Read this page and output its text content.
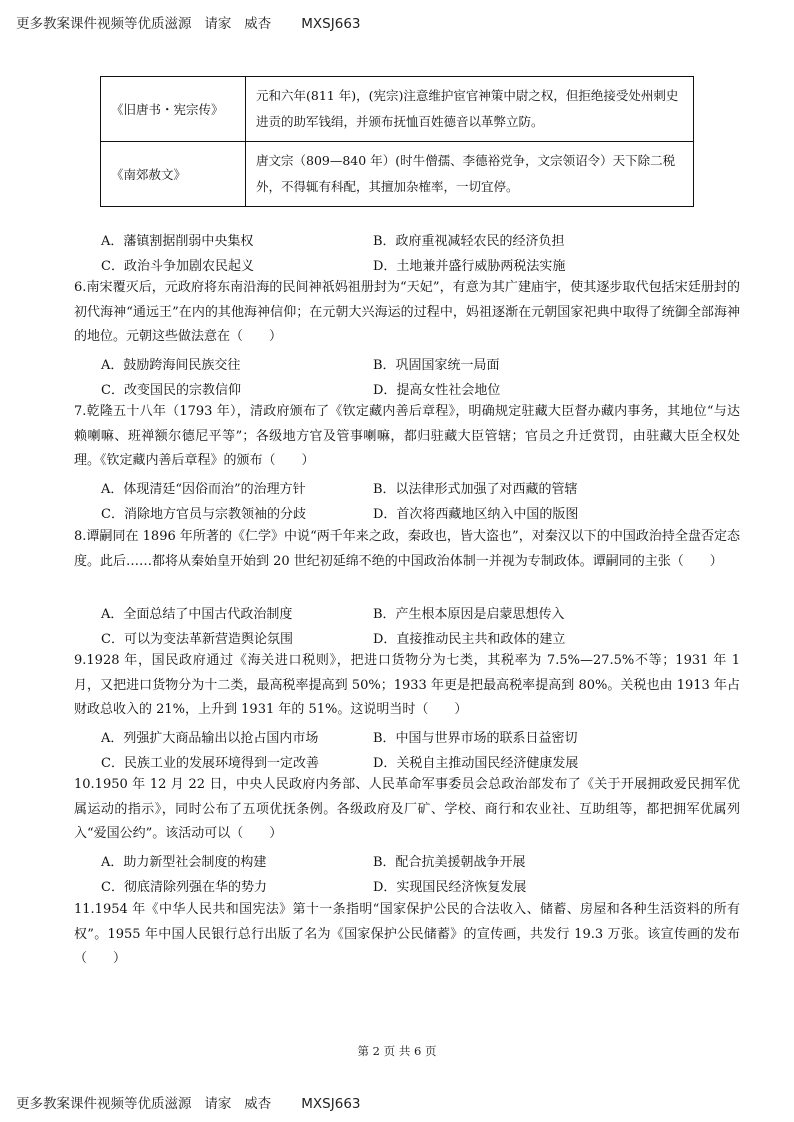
更多教案课件视频等优质滋源   请家   威杏       MXSJ663
《旧唐书・宪宗传》	元和六年(811 年)，(宪宗)注意维护宦官神策中尉之权，但拒绝接受处州刺史进贡的助军钱绢，并颁布抚恤百姓德音以革弊立防。
《南郊赦文》	唐文宗（809—840 年）(时牛僧孺、李德裕党争，文宗领诏令）天下除二税外，不得辄有科配，其擅加杂榷率，一切宜停。
A．藩镇割据削弱中央集权	B．政府重视减轻农民的经济负担
C．政治斗争加剧农民起义	D．土地兼并盛行威胁两税法实施
6.南宋覆灭后，元政府将东南沿海的民间神祇妈祖册封为“天妃”，有意为其广建庙宇，使其逐步取代包括宋廷册封的初代海神“通远王”在内的其他海神信仰；在元朝大兴海运的过程中，妈祖逐渐在元朝国家祀典中取得了统御全部海神的地位。元朝这些做法意在（　　）
A．鼓励跨海间民族交往	B．巩固国家统一局面
C．改变国民的宗教信仰	D．提高女性社会地位
7.乾隆五十八年（1793 年），清政府颁布了《钦定藏内善后章程》，明确规定驻藏大臣督办藏内事务，其地位“与达赖喇嘛、班禅额尔德尼平等”；各级地方官及管事喇嘛，都归驻藏大臣管辖；官员之升迁赏罚，由驻藏大臣全权处理。《钦定藏内善后章程》的颁布（　　）
A．体现清廷“因俗而治”的治理方针	B．以法律形式加强了对西藏的管辖
C．消除地方官员与宗教领袖的分歧	D．首次将西藏地区纳入中国的版图
8.谭嗣同在 1896 年所著的《仁学》中说“两千年来之政，秦政也，皆大盗也”，对秦汉以下的中国政治持全盘否定态度。此后……都将从秦始皇开始到 20 世纪初延绵不绝的中国政治体制一并视为专制政体。谭嗣同的主张（　　）
A．全面总结了中国古代政治制度	B．产生根本原因是启蒙思想传入
C．可以为变法革新营造舆论氛围	D．直接推动民主共和政体的建立
9.1928 年，国民政府通过《海关进口税则》，把进口货物分为七类，其税率为 7.5%—27.5%不等；1931 年 1 月，又把进口货物分为十二类，最高税率提高到 50%；1933 年更是把最高税率提高到 80%。关税也由 1913 年占财政总收入的 21%，上升到 1931 年的 51%。这说明当时（　　）
A．列强扩大商品输出以抢占国内市场	B．中国与世界市场的联系日益密切
C．民族工业的发展环境得到一定改善	D．关税自主推动国民经济健康发展
10.1950 年 12 月 22 日，中央人民政府内务部、人民革命军事委员会总政治部发布了《关于开展拥政爱民拥军优属运动的指示》，同时公布了五项优抚条例。各级政府及厂矿、学校、商行和农业社、互助组等，都把拥军优属列入“爱国公约”。该活动可以（　　）
A．助力新型社会制度的构建	B．配合抗美援朝战争开展
C．彻底清除列强在华的势力	D．实现国民经济恢复发展
11.1954 年《中华人民共和国宪法》第十一条指明“国家保护公民的合法收入、储蓄、房屋和各种生活资料的所有权”。1955 年中国人民银行总行出版了名为《国家保护公民储蓄》的宣传画，共发行 19.3 万张。该宣传画的发布（　　）
第 2 页 共 6 页
更多教案课件视频等优质滋源   请家   威杏       MXSJ663
